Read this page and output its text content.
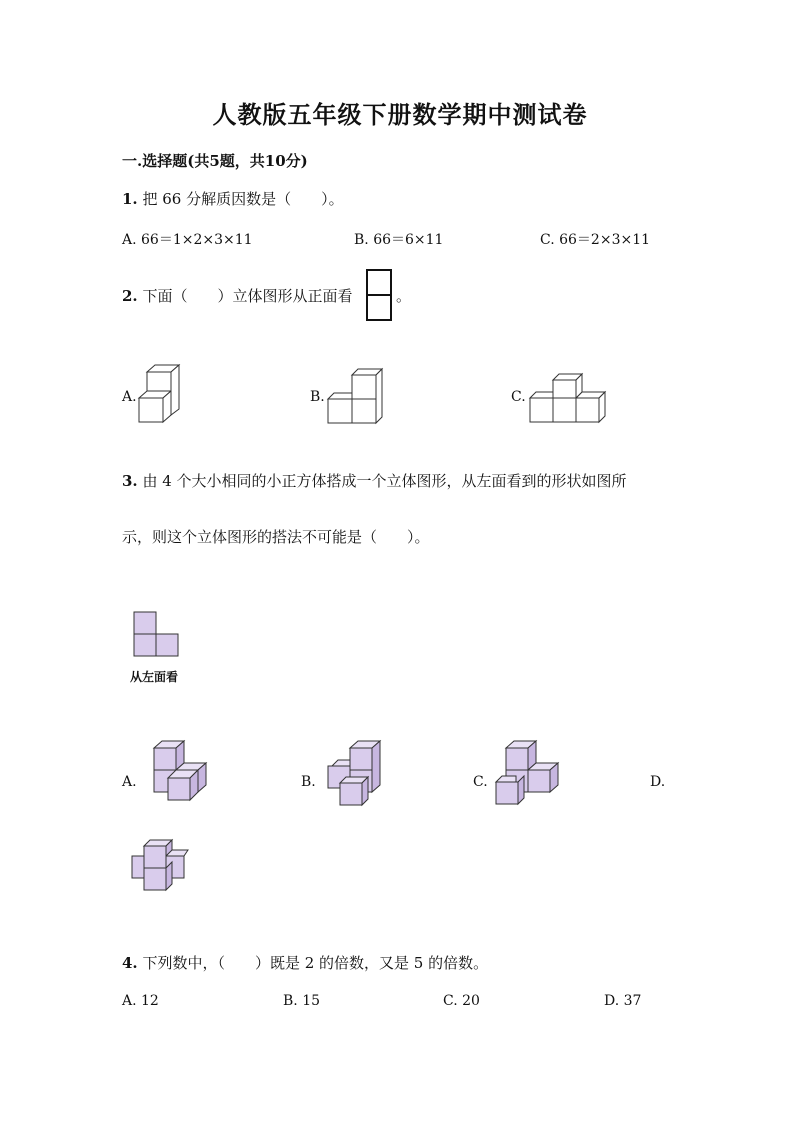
人教版五年级下册数学期中测试卷
一.选择题(共5题，共10分)
1. 把 66 分解质因数是（　　）。
A. 66＝1×2×3×11	B. 66＝6×11	C. 66＝2×3×11
2. 下面（　　）立体图形从正面看	。
A.	B.	C.
3. 由 4 个大小相同的小正方体搭成一个立体图形，从左面看到的形状如图所
示，则这个立体图形的搭法不可能是（　　）。
从左面看
A.	B.	C.	D.
4. 下列数中，（　　）既是 2 的倍数，又是 5 的倍数。
A. 12	B. 15	C. 20	D. 37
